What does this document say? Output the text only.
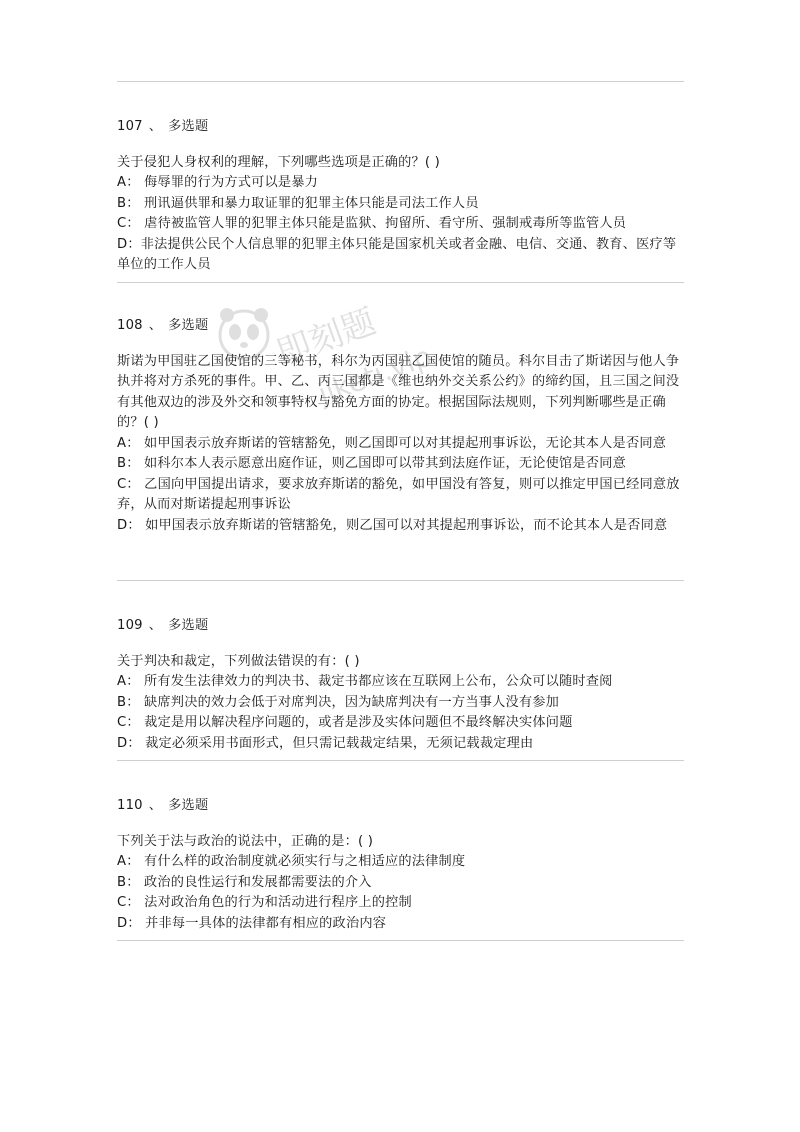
107 、 多选题
关于侵犯人身权利的理解，下列哪些选项是正确的？( )
A： 侮辱罪的行为方式可以是暴力
B： 刑讯逼供罪和暴力取证罪的犯罪主体只能是司法工作人员
C： 虐待被监管人罪的犯罪主体只能是监狱、拘留所、看守所、强制戒毒所等监管人员
D：非法提供公民个人信息罪的犯罪主体只能是国家机关或者金融、电信、交通、教育、医疗等单位的工作人员
108 、 多选题
斯诺为甲国驻乙国使馆的三等秘书，科尔为丙国驻乙国使馆的随员。科尔目击了斯诺因与他人争执并将对方杀死的事件。甲、乙、丙三国都是《维也纳外交关系公约》的缔约国，且三国之间没有其他双边的涉及外交和领事特权与豁免方面的协定。根据国际法规则，下列判断哪些是正确的？( )
A： 如甲国表示放弃斯诺的管辖豁免，则乙国即可以对其提起刑事诉讼，无论其本人是否同意
B： 如科尔本人表示愿意出庭作证，则乙国即可以带其到法庭作证，无论使馆是否同意
C： 乙国向甲国提出请求，要求放弃斯诺的豁免，如甲国没有答复，则可以推定甲国已经同意放弃，从而对斯诺提起刑事诉讼
D： 如甲国表示放弃斯诺的管辖豁免，则乙国可以对其提起刑事诉讼，而不论其本人是否同意
109 、 多选题
关于判决和裁定，下列做法错误的有：( )
A： 所有发生法律效力的判决书、裁定书都应该在互联网上公布，公众可以随时查阅
B： 缺席判决的效力会低于对席判决，因为缺席判决有一方当事人没有参加
C： 裁定是用以解决程序问题的，或者是涉及实体问题但不最终解决实体问题
D： 裁定必须采用书面形式，但只需记载裁定结果，无须记载裁定理由
110 、 多选题
下列关于法与政治的说法中，正确的是：( )
A： 有什么样的政治制度就必须实行与之相适应的法律制度
B： 政治的良性运行和发展都需要法的介入
C： 法对政治角色的行为和活动进行程序上的控制
D： 并非每一具体的法律都有相应的政治内容
即刻题
jiketi.vip
